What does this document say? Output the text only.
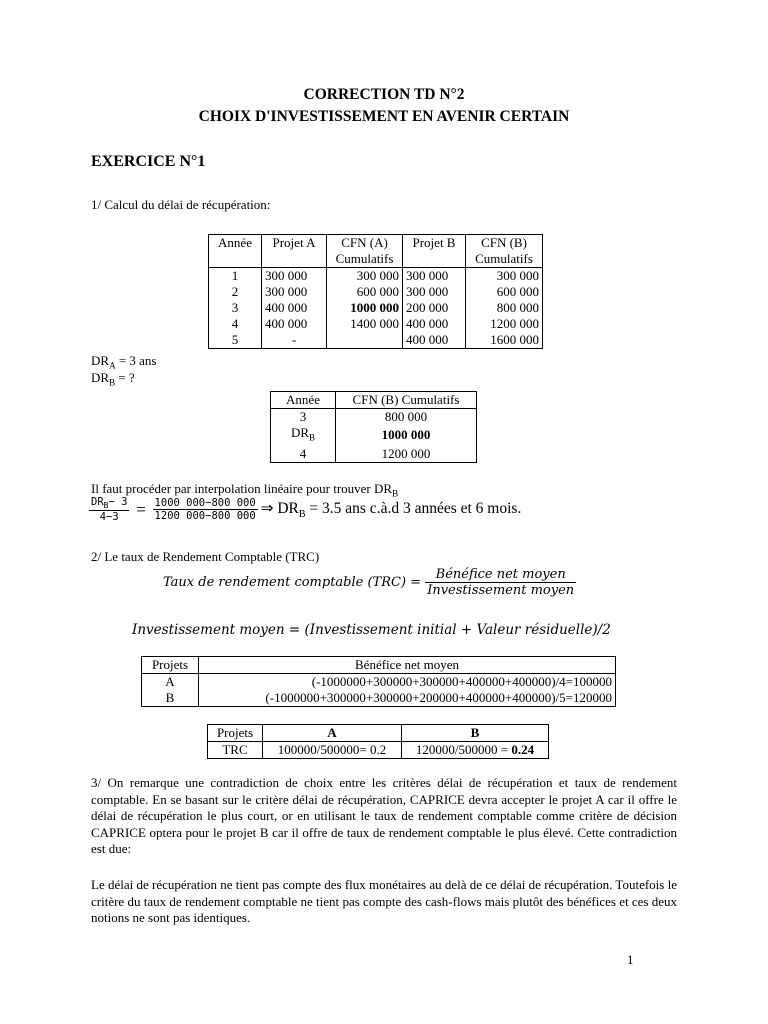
CORRECTION TD N°2
CHOIX D'INVESTISSEMENT EN AVENIR CERTAIN
EXERCICE N°1
1/ Calcul du délai de récupération:
Année	Projet A	CFN (A)	Projet B	CFN (B)
		Cumulatifs		Cumulatifs
1	300 000	300 000	300 000	300 000
2	300 000	600 000	300 000	600 000
3	400 000	1000 000	200 000	800 000
4	400 000	1400 000	400 000	1200 000
5	-		400 000	1600 000
$DR_A = 3$ ans
$DR_B$ = ?
Année	CFN (B) Cumulatifs
3	800 000
$DR_B$	1000 000
4	1200 000
Il faut procéder par interpolation linéaire pour trouver $DR_B$
$\frac{DR_B- 3}{4-3} = \frac{1000 000-800 000}{1200 000-800 000}$ ⇒ $DR_B = 3.5$ ans c.à.d 3 années et 6 mois.
2/ Le taux de Rendement Comptable (TRC)
Taux de rendement comptable $(TRC) = \frac{\text{Bénéfice net moyen}}{\text{Investissement moyen}}$
Investissement moyen = (Investissement initial + Valeur résiduelle)/2
Projets	Bénéfice net moyen
A	(-1000000+300000+300000+400000+400000)/4=100000
B	(-1000000+300000+300000+200000+400000+400000)/5=120000
Projets	A	B
TRC	100000/500000= 0.2	120000/500000 = 0.24
3/ On remarque une contradiction de choix entre les critères délai de récupération et taux de rendement comptable. En se basant sur le critère délai de récupération, CAPRICE devra accepter le projet A car il offre le délai de récupération le plus court, or en utilisant le taux de rendement comptable comme critère de décision CAPRICE optera pour le projet B car il offre de taux de rendement comptable le plus élevé. Cette contradiction est due:
Le délai de récupération ne tient pas compte des flux monétaires au delà de ce délai de récupération. Toutefois le critère du taux de rendement comptable ne tient pas compte des cash-flows mais plutôt des bénéfices et ces deux notions ne sont pas identiques.
1
